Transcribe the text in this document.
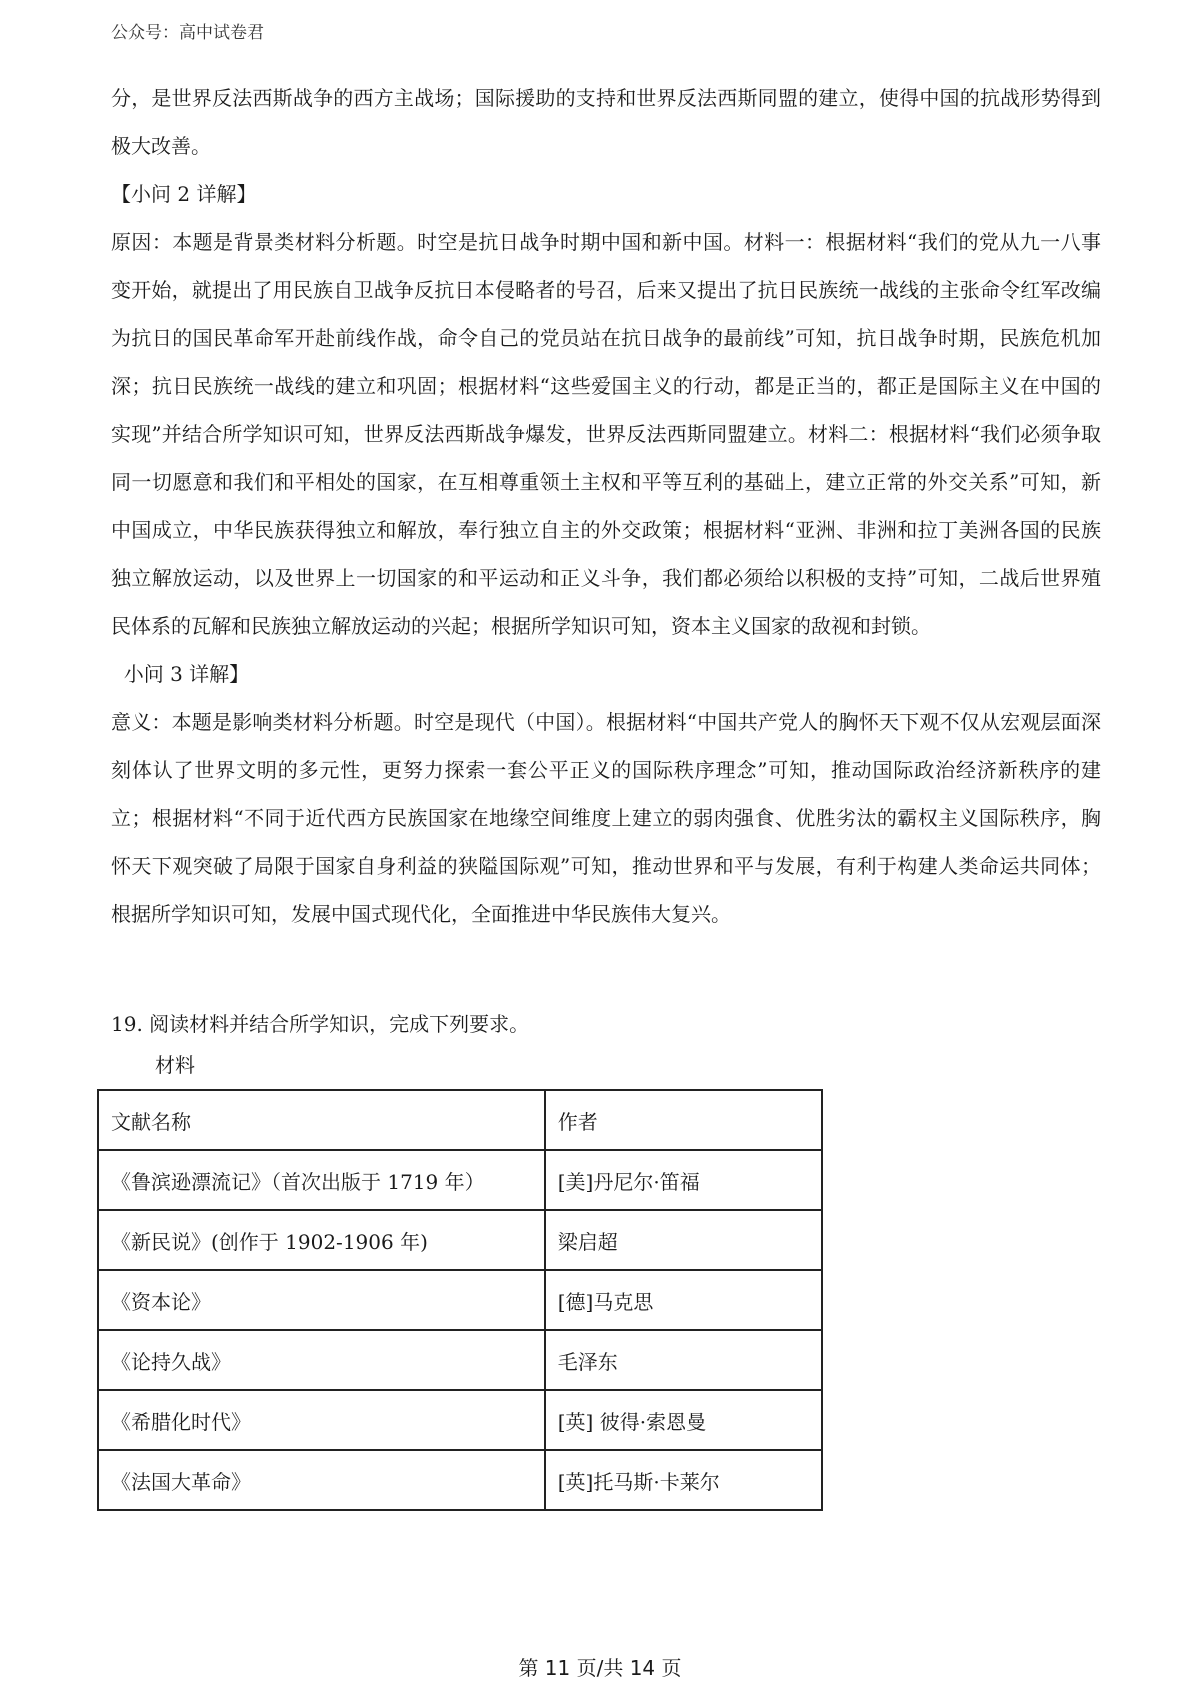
公众号：高中试卷君

分，是世界反法西斯战争的西方主战场；国际援助的支持和世界反法西斯同盟的建立，使得中国的抗战形势得到极大改善。

【小问 2 详解】

原因：本题是背景类材料分析题。时空是抗日战争时期中国和新中国。材料一：根据材料“我们的党从九一八事变开始，就提出了用民族自卫战争反抗日本侵略者的号召，后来又提出了抗日民族统一战线的主张命令红军改编为抗日的国民革命军开赴前线作战，命令自己的党员站在抗日战争的最前线”可知，抗日战争时期，民族危机加深；抗日民族统一战线的建立和巩固；根据材料“这些爱国主义的行动，都是正当的，都正是国际主义在中国的实现”并结合所学知识可知，世界反法西斯战争爆发，世界反法西斯同盟建立。材料二：根据材料“我们必须争取同一切愿意和我们和平相处的国家，在互相尊重领土主权和平等互利的基础上，建立正常的外交关系”可知，新中国成立，中华民族获得独立和解放，奉行独立自主的外交政策；根据材料“亚洲、非洲和拉丁美洲各国的民族独立解放运动，以及世界上一切国家的和平运动和正义斗争，我们都必须给以积极的支持”可知，二战后世界殖民体系的瓦解和民族独立解放运动的兴起；根据所学知识可知，资本主义国家的敌视和封锁。

小问 3 详解】

意义：本题是影响类材料分析题。时空是现代（中国）。根据材料“中国共产党人的胸怀天下观不仅从宏观层面深刻体认了世界文明的多元性，更努力探索一套公平正义的国际秩序理念”可知，推动国际政治经济新秩序的建立；根据材料“不同于近代西方民族国家在地缘空间维度上建立的弱肉强食、优胜劣汰的霸权主义国际秩序，胸怀天下观突破了局限于国家自身利益的狭隘国际观”可知，推动世界和平与发展，有利于构建人类命运共同体；根据所学知识可知，发展中国式现代化，全面推进中华民族伟大复兴。

19. 阅读材料并结合所学知识，完成下列要求。
材料
文献名称	作者
《鲁滨逊漂流记》（首次出版于 1719 年）	[美]丹尼尔·笛福
《新民说》(创作于 1902-1906 年)	梁启超
《资本论》	[德]马克思
《论持久战》	毛泽东
《希腊化时代》	[英] 彼得·索恩曼
《法国大革命》	[英]托马斯·卡莱尔
第 11 页/共 14 页
